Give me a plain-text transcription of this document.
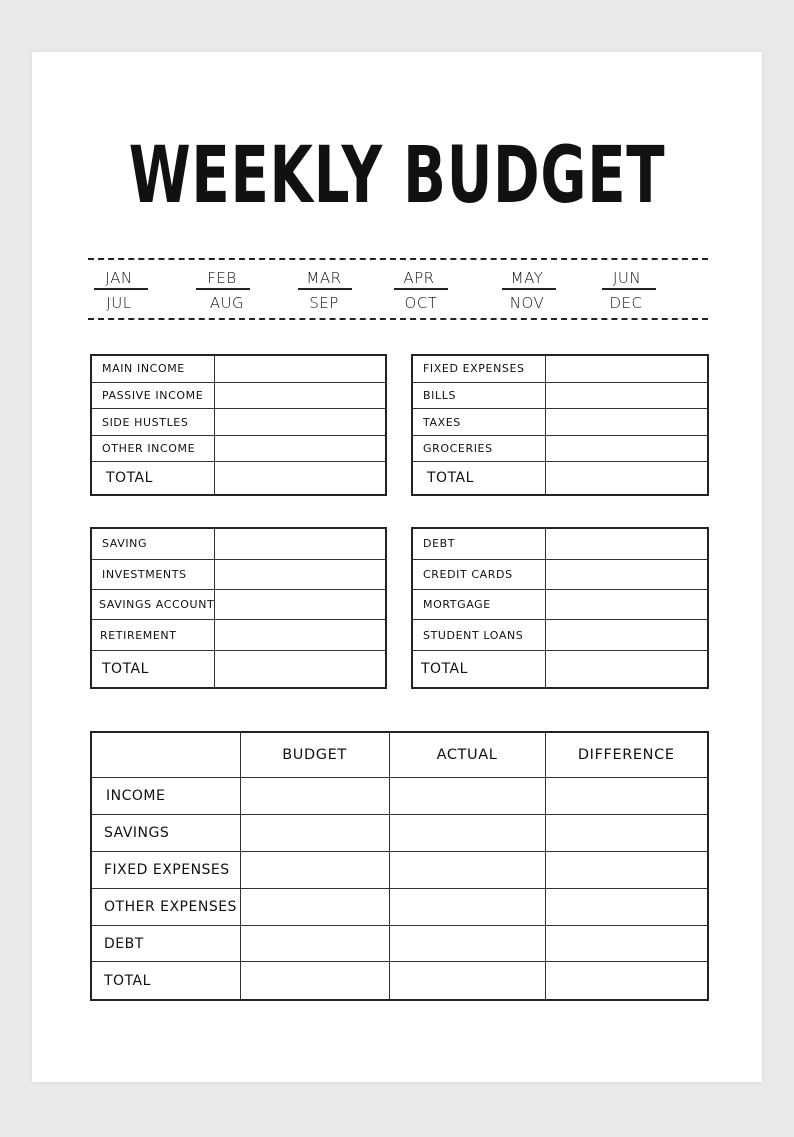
WEEKLY BUDGET
JAN	FEB	MAR	APR	MAY	JUN
JUL	AUG	SEP	OCT	NOV	DEC
MAIN INCOME	
PASSIVE INCOME	
SIDE HUSTLES	
OTHER INCOME	
TOTAL	
FIXED EXPENSES	
BILLS	
TAXES	
GROCERIES	
TOTAL	
SAVING	
INVESTMENTS	
SAVINGS ACCOUNT	
RETIREMENT	
TOTAL	
DEBT	
CREDIT CARDS	
MORTGAGE	
STUDENT LOANS	
TOTAL	
	BUDGET	ACTUAL	DIFFERENCE
INCOME			
SAVINGS			
FIXED EXPENSES			
OTHER EXPENSES			
DEBT			
TOTAL			
